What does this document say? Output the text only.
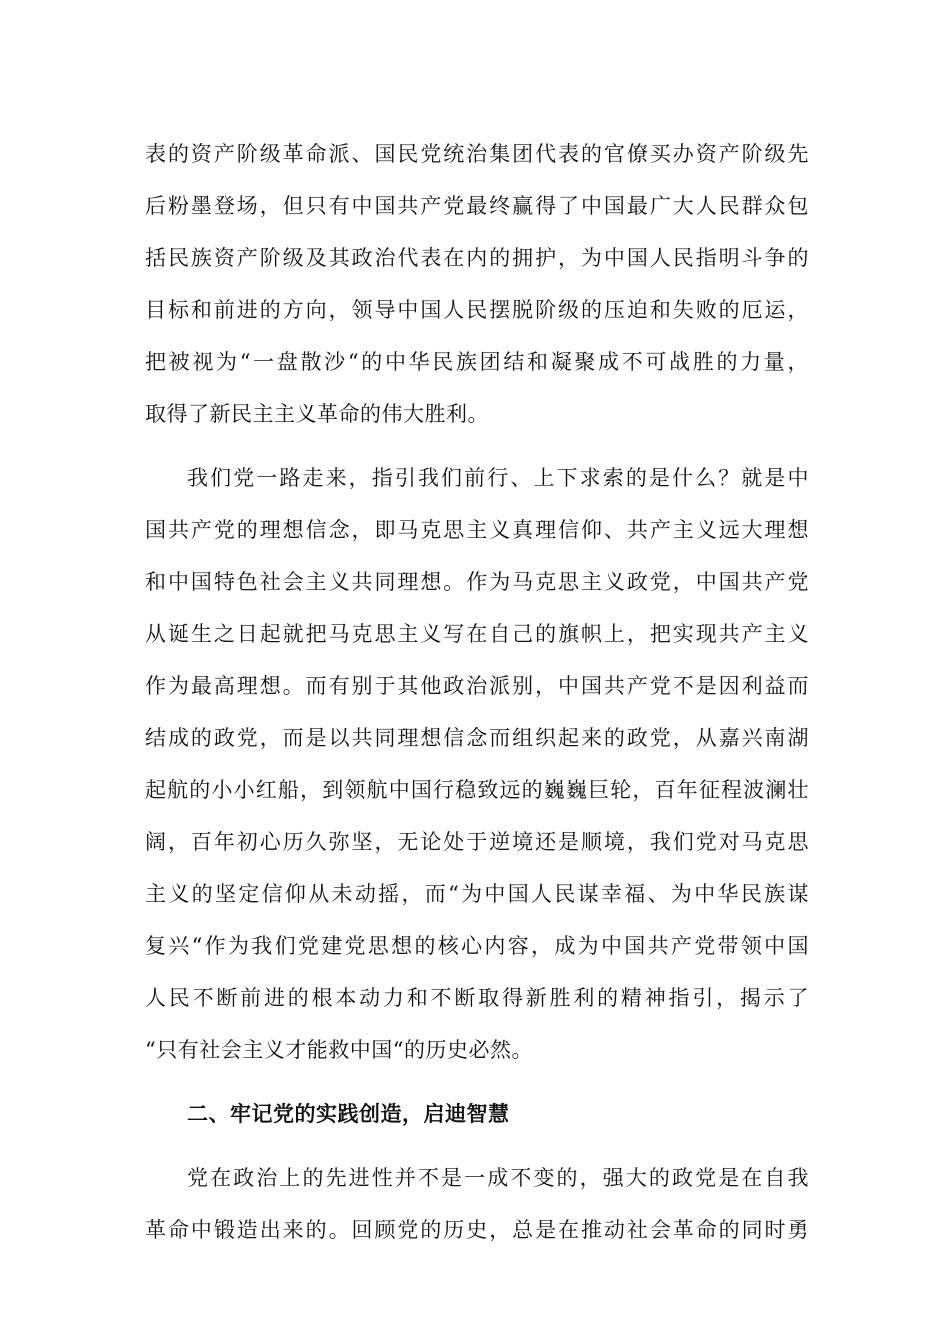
表的资产阶级革命派、国民党统治集团代表的官僚买办资产阶级先
后粉墨登场，但只有中国共产党最终赢得了中国最广大人民群众包
括民族资产阶级及其政治代表在内的拥护，为中国人民指明斗争的
目标和前进的方向，领导中国人民摆脱阶级的压迫和失败的厄运，
把被视为“一盘散沙“的中华民族团结和凝聚成不可战胜的力量，
取得了新民主主义革命的伟大胜利。
我们党一路走来，指引我们前行、上下求索的是什么？就是中
国共产党的理想信念，即马克思主义真理信仰、共产主义远大理想
和中国特色社会主义共同理想。作为马克思主义政党，中国共产党
从诞生之日起就把马克思主义写在自己的旗帜上，把实现共产主义
作为最高理想。而有别于其他政治派别，中国共产党不是因利益而
结成的政党，而是以共同理想信念而组织起来的政党，从嘉兴南湖
起航的小小红船，到领航中国行稳致远的巍巍巨轮，百年征程波澜壮
阔，百年初心历久弥坚，无论处于逆境还是顺境，我们党对马克思
主义的坚定信仰从未动摇，而“为中国人民谋幸福、为中华民族谋
复兴“作为我们党建党思想的核心内容，成为中国共产党带领中国
人民不断前进的根本动力和不断取得新胜利的精神指引，揭示了
“只有社会主义才能救中国“的历史必然。
二、牢记党的实践创造，启迪智慧
党在政治上的先进性并不是一成不变的，强大的政党是在自我
革命中锻造出来的。回顾党的历史，总是在推动社会革命的同时勇
